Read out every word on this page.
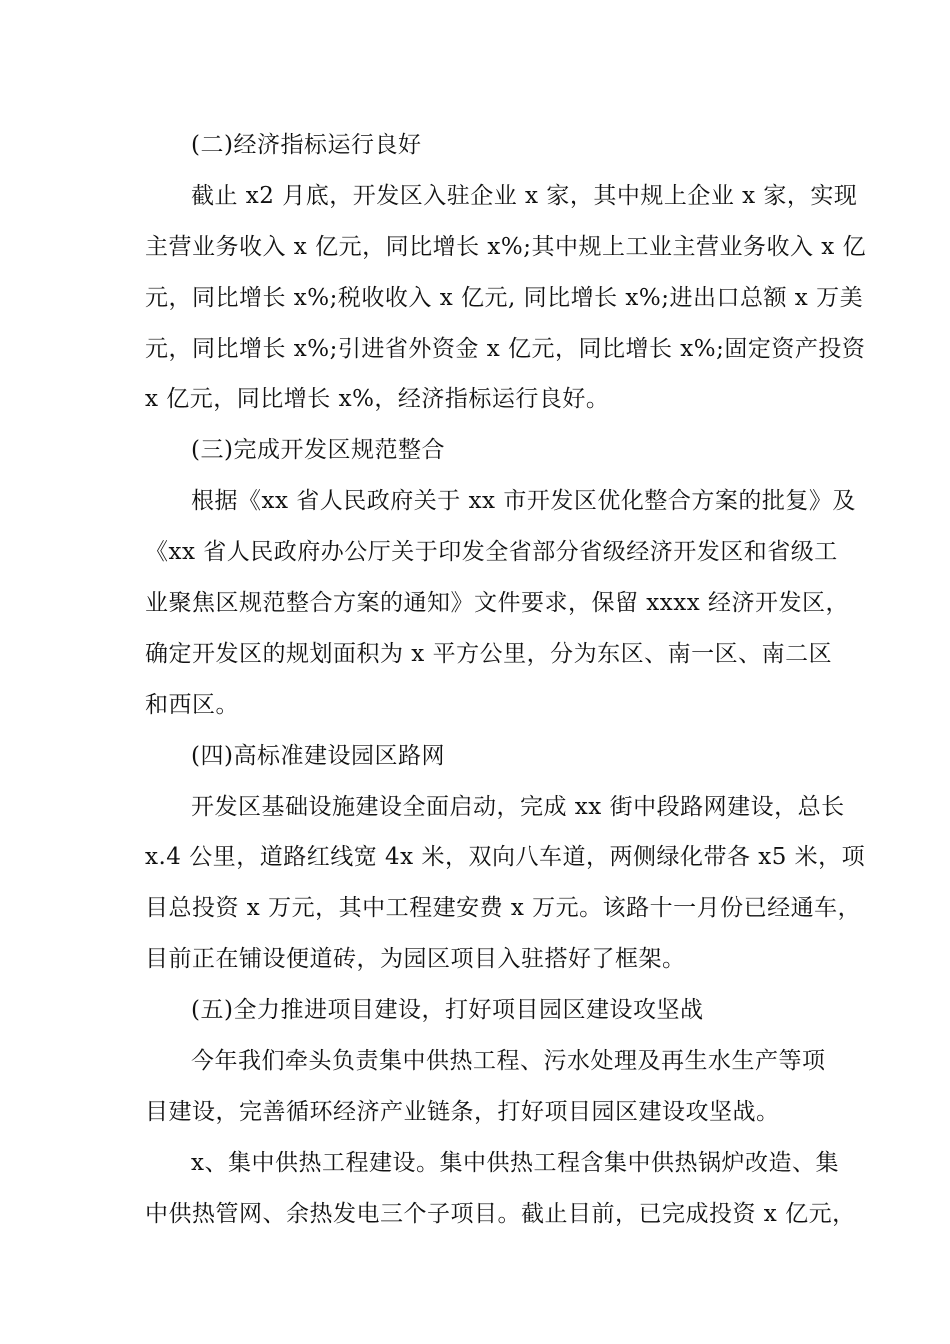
(二)经济指标运行良好
截止 x2 月底，开发区入驻企业 x 家，其中规上企业 x 家，实现
主营业务收入 x 亿元，同比增长 x%;其中规上工业主营业务收入 x 亿
元，同比增长 x%;税收收入 x 亿元, 同比增长 x%;进出口总额 x 万美
元，同比增长 x%;引进省外资金 x 亿元，同比增长 x%;固定资产投资
x 亿元，同比增长 x%，经济指标运行良好。
(三)完成开发区规范整合
根据《xx 省人民政府关于 xx 市开发区优化整合方案的批复》及
《xx 省人民政府办公厅关于印发全省部分省级经济开发区和省级工
业聚焦区规范整合方案的通知》文件要求，保留 xxxx 经济开发区，
确定开发区的规划面积为 x 平方公里，分为东区、南一区、南二区
和西区。
(四)高标准建设园区路网
开发区基础设施建设全面启动，完成 xx 街中段路网建设，总长
x.4 公里，道路红线宽 4x 米，双向八车道，两侧绿化带各 x5 米，项
目总投资 x 万元，其中工程建安费 x 万元。该路十一月份已经通车，
目前正在铺设便道砖，为园区项目入驻搭好了框架。
(五)全力推进项目建设，打好项目园区建设攻坚战
今年我们牵头负责集中供热工程、污水处理及再生水生产等项
目建设，完善循环经济产业链条，打好项目园区建设攻坚战。
x、集中供热工程建设。集中供热工程含集中供热锅炉改造、集
中供热管网、余热发电三个子项目。截止目前，已完成投资 x 亿元，
